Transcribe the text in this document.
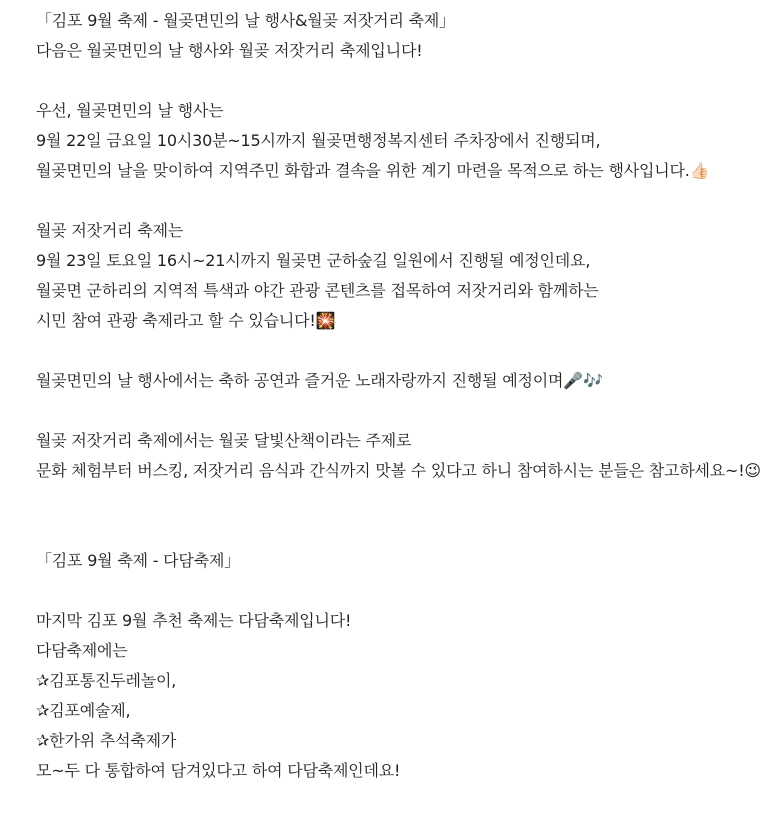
「김포 9월 축제 - 월곶면민의 날 행사&월곶 저잣거리 축제」
다음은 월곶면민의 날 행사와 월곶 저잣거리 축제입니다!
우선, 월곶면민의 날 행사는
9월 22일 금요일 10시30분~15시까지 월곶면행정복지센터 주차장에서 진행되며,
월곶면민의 날을 맞이하여 지역주민 화합과 결속을 위한 계기 마련을 목적으로 하는 행사입니다.👍🏻
월곶 저잣거리 축제는
9월 23일 토요일 16시~21시까지 월곶면 군하숲길 일원에서 진행될 예정인데요,
월곶면 군하리의 지역적 특색과 야간 관광 콘텐츠를 접목하여 저잣거리와 함께하는
시민 참여 관광 축제라고 할 수 있습니다!🎇
월곶면민의 날 행사에서는 축하 공연과 즐거운 노래자랑까지 진행될 예정이며🎤🎶
월곶 저잣거리 축제에서는 월곶 달빛산책이라는 주제로
문화 체험부터 버스킹, 저잣거리 음식과 간식까지 맛볼 수 있다고 하니 참여하시는 분들은 참고하세요~!😉
「김포 9월 축제 - 다담축제」
마지막 김포 9월 추천 축제는 다담축제입니다!
다담축제에는
✰김포통진두레놀이,
✰김포예술제,
✰한가위 추석축제가
모~두 다 통합하여 담겨있다고 하여 다담축제인데요!
